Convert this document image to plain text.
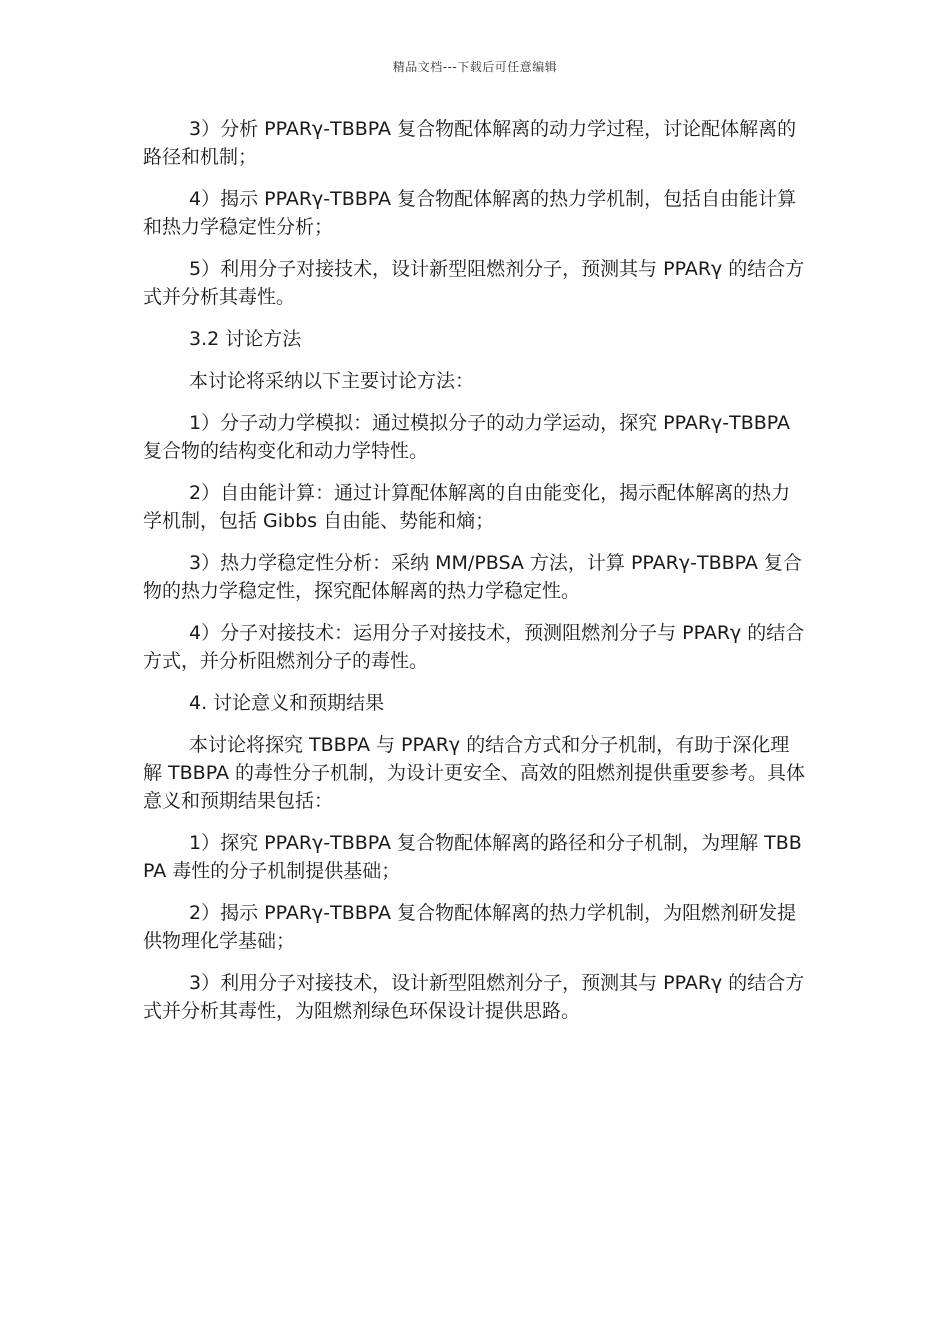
精品文档---下载后可任意编辑

3）分析 PPARγ-TBBPA 复合物配体解离的动力学过程，讨论配体解离的路径和机制；

4）揭示 PPARγ-TBBPA 复合物配体解离的热力学机制，包括自由能计算和热力学稳定性分析；

5）利用分子对接技术，设计新型阻燃剂分子，预测其与 PPARγ 的结合方式并分析其毒性。

3.2 讨论方法

本讨论将采纳以下主要讨论方法：

1）分子动力学模拟：通过模拟分子的动力学运动，探究 PPARγ-TBBPA 复合物的结构变化和动力学特性。

2）自由能计算：通过计算配体解离的自由能变化，揭示配体解离的热力学机制，包括 Gibbs 自由能、势能和熵；

3）热力学稳定性分析：采纳 MM/PBSA 方法，计算 PPARγ-TBBPA 复合物的热力学稳定性，探究配体解离的热力学稳定性。

4）分子对接技术：运用分子对接技术，预测阻燃剂分子与 PPARγ 的结合方式，并分析阻燃剂分子的毒性。

4. 讨论意义和预期结果

本讨论将探究 TBBPA 与 PPARγ 的结合方式和分子机制，有助于深化理解 TBBPA 的毒性分子机制，为设计更安全、高效的阻燃剂提供重要参考。具体意义和预期结果包括：

1）探究 PPARγ-TBBPA 复合物配体解离的路径和分子机制，为理解 TBBPA 毒性的分子机制提供基础；

2）揭示 PPARγ-TBBPA 复合物配体解离的热力学机制，为阻燃剂研发提供物理化学基础；

3）利用分子对接技术，设计新型阻燃剂分子，预测其与 PPARγ 的结合方式并分析其毒性，为阻燃剂绿色环保设计提供思路。
